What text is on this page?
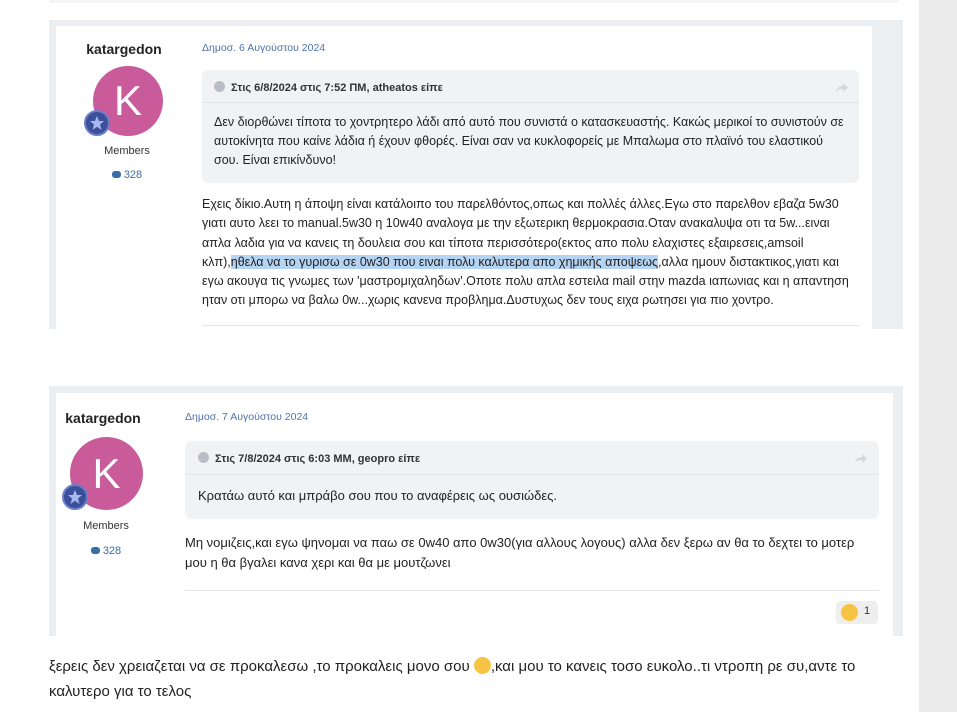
katargedon
K
Members
328
Δημοσ. 6 Αυγούστου 2024
Στις 6/8/2024 στις 7:52 ΠΜ, atheatos είπε
Δεν διορθώνει τίποτα το χοντρητερο λάδι από αυτό που συνιστά ο κατασκευαστής. Κακώς μερικοί το συνιστούν σε αυτοκίνητα που καίνε λάδια ή έχουν φθορές. Είναι σαν να κυκλοφορείς με Μπαλωμα στο πλαϊνό του ελαστικού σου. Είναι επικίνδυνο!
Εχεις δίκιο.Αυτη η άποψη είναι κατάλοιπο του παρελθόντος,οπως και πολλές άλλες.Εγω στο παρελθον εβαζα 5w30 γιατι αυτο λεει το manual.5w30 η 10w40 αναλογα με την εξωτερικη θερμοκρασια.Οταν ανακαλυψα οτι τα 5w...ειναι απλα λαδια για να κανεις τη δουλεια σου και τίποτα περισσότερο(εκτος απο πολυ ελαχιστες εξαιρεσεις,amsoil κλπ),ηθελα να το γυρισω σε 0w30 που ειναι πολυ καλυτερα απο χημικής αποψεως,αλλα ημουν διστακτικος,γιατι και εγω ακουγα τις γνωμες των 'μαστρομιχαληδων'.Οποτε πολυ απλα εστειλα mail στην mazda ιαπωνιας και η απαντηση ηταν οτι μπορω να βαλω 0w...χωρις κανενα προβλημα.Δυστυχως δεν τους ειχα ρωτησει για πιο χοντρο.
katargedon
K
Members
328
Δημοσ. 7 Αυγούστου 2024
Στις 7/8/2024 στις 6:03 ΜΜ, geopro είπε
Κρατάω αυτό και μπράβο σου που το αναφέρεις ως ουσιώδες.
Μη νομιζεις,και εγω ψηνομαι να παω σε 0w40 απο 0w30(για αλλους λογους) αλλα δεν ξερω αν θα το δεχτει το μοτερ μου η θα βγαλει κανα χερι και θα με μουτζωνει
1
ξερεις δεν χρειαζεται να σε προκαλεσω ,το προκαλεις μονο σου ,και μου το κανεις τοσο ευκολο..τι ντροπη ρε συ,αντε το καλυτερο για το τελος
